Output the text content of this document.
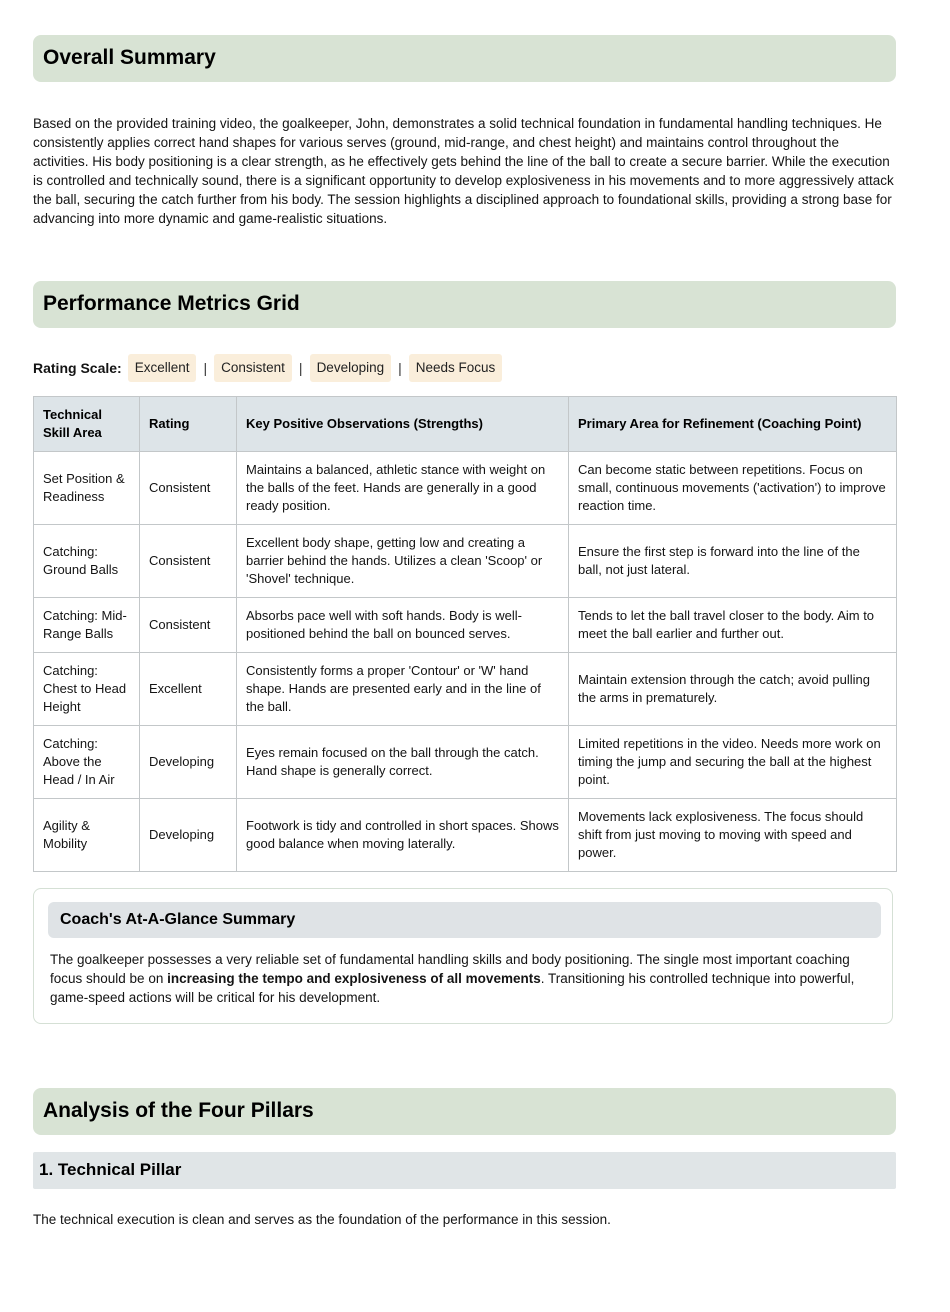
Overall Summary

Based on the provided training video, the goalkeeper, John, demonstrates a solid technical foundation in fundamental handling techniques. He consistently applies correct hand shapes for various serves (ground, mid-range, and chest height) and maintains control throughout the activities. His body positioning is a clear strength, as he effectively gets behind the line of the ball to create a secure barrier. While the execution is controlled and technically sound, there is a significant opportunity to develop explosiveness in his movements and to more aggressively attack the ball, securing the catch further from his body. The session highlights a disciplined approach to foundational skills, providing a strong base for advancing into more dynamic and game-realistic situations.

Performance Metrics Grid
Rating Scale: Excellent	|	Consistent	|	Developing	|	Needs Focus
Technical Skill Area	Rating	Key Positive Observations (Strengths)	Primary Area for Refinement (Coaching Point)
Set Position & Readiness	Consistent	Maintains a balanced, athletic stance with weight on the balls of the feet. Hands are generally in a good ready position.	Can become static between repetitions. Focus on small, continuous movements ('activation') to improve reaction time.
Catching: Ground Balls	Consistent	Excellent body shape, getting low and creating a barrier behind the hands. Utilizes a clean 'Scoop' or 'Shovel' technique.	Ensure the first step is forward into the line of the ball, not just lateral.
Catching: Mid-Range Balls	Consistent	Absorbs pace well with soft hands. Body is well-positioned behind the ball on bounced serves.	Tends to let the ball travel closer to the body. Aim to meet the ball earlier and further out.
Catching: Chest to Head Height	Excellent	Consistently forms a proper 'Contour' or 'W' hand shape. Hands are presented early and in the line of the ball.	Maintain extension through the catch; avoid pulling the arms in prematurely.
Catching: Above the Head / In Air	Developing	Eyes remain focused on the ball through the catch. Hand shape is generally correct.	Limited repetitions in the video. Needs more work on timing the jump and securing the ball at the highest point.
Agility & Mobility	Developing	Footwork is tidy and controlled in short spaces. Shows good balance when moving laterally.	Movements lack explosiveness. The focus should shift from just moving to moving with speed and power.
Coach's At-A-Glance Summary

The goalkeeper possesses a very reliable set of fundamental handling skills and body positioning. The single most important coaching focus should be on increasing the tempo and explosiveness of all movements. Transitioning his controlled technique into powerful, game-speed actions will be critical for his development.

Analysis of the Four Pillars
1. Technical Pillar

The technical execution is clean and serves as the foundation of the performance in this session.
